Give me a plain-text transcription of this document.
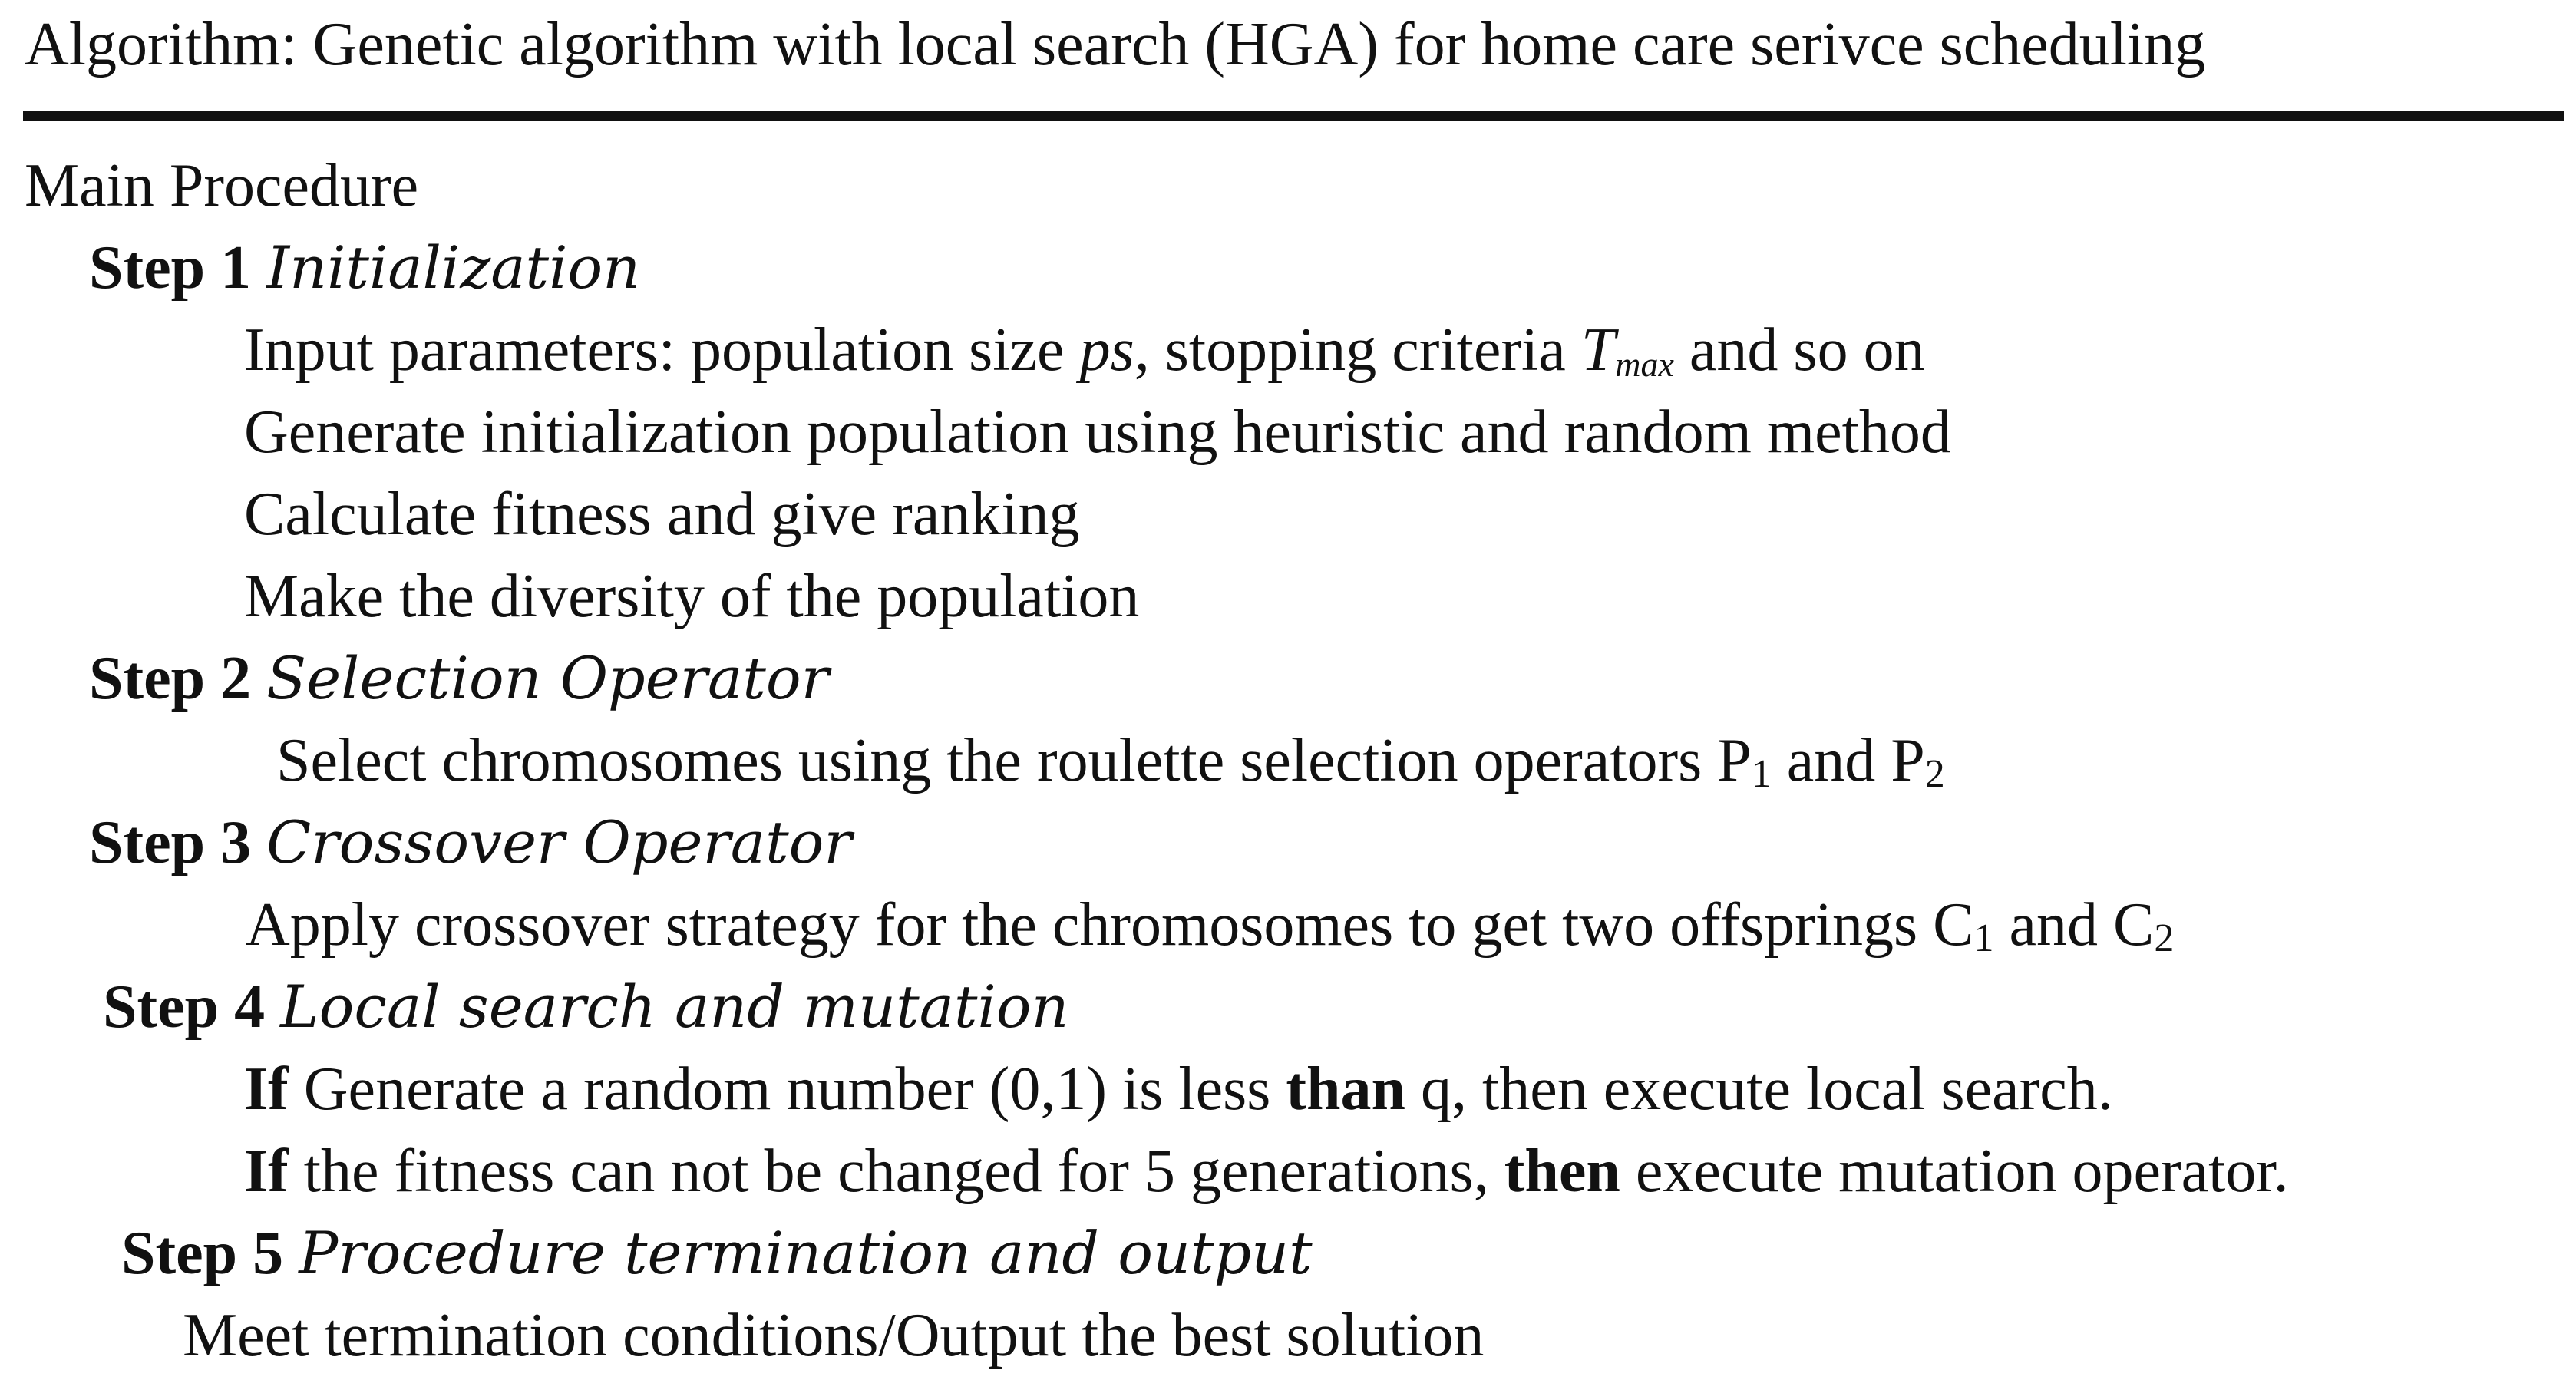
Algorithm: Genetic algorithm with local search (HGA) for home care serivce scheduling
Main Procedure
Step 1 Initialization
Input parameters: population size ps, stopping criteria Tmax and so on
Generate initialization population using heuristic and random method
Calculate fitness and give ranking
Make the diversity of the population
Step 2 Selection Operator
Select chromosomes using the roulette selection operators P1 and P2
Step 3 Crossover Operator
Apply crossover strategy for the chromosomes to get two offsprings C1 and C2
Step 4 Local search and mutation
If Generate a random number (0,1) is less than q, then execute local search.
If the fitness can not be changed for 5 generations, then execute mutation operator.
Step 5 Procedure termination and output
Meet termination conditions/Output the best solution
